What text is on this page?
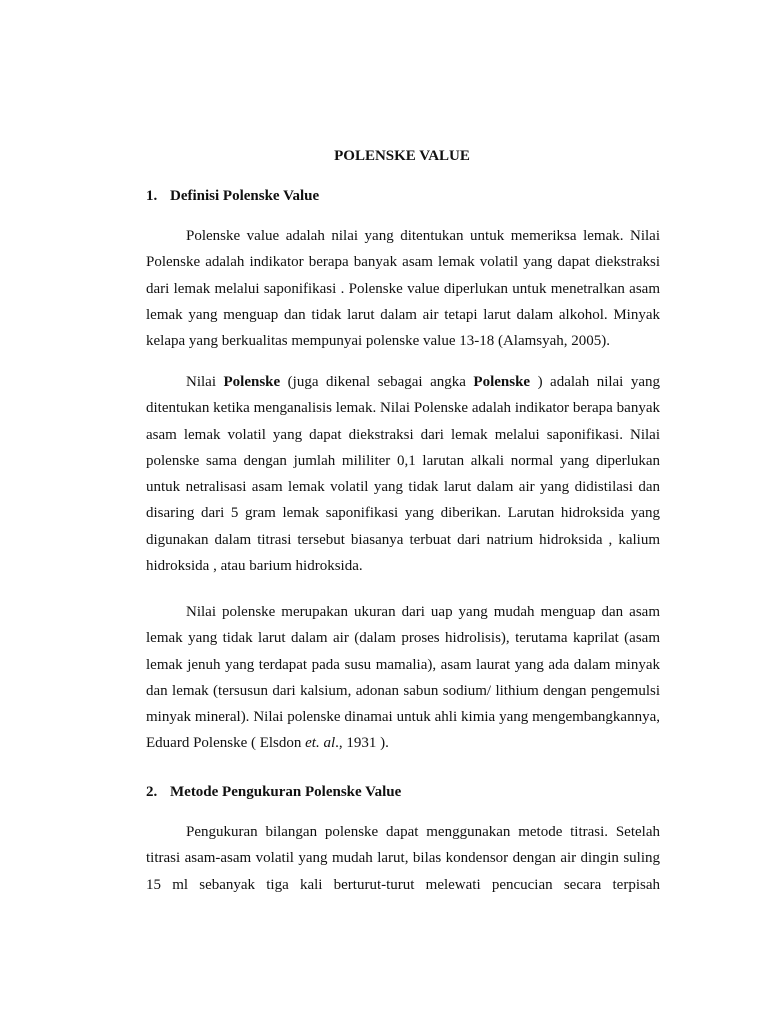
POLENSKE VALUE
1. Definisi Polenske Value

Polenske value adalah nilai yang ditentukan untuk memeriksa lemak. Nilai Polenske adalah indikator berapa banyak asam lemak volatil yang dapat diekstraksi dari lemak melalui saponifikasi . Polenske value diperlukan untuk menetralkan asam lemak yang menguap dan tidak larut dalam air tetapi larut dalam alkohol. Minyak kelapa yang berkualitas mempunyai polenske value 13-18 (Alamsyah, 2005).

Nilai Polenske (juga dikenal sebagai angka Polenske ) adalah nilai yang ditentukan ketika menganalisis lemak. Nilai Polenske adalah indikator berapa banyak asam lemak volatil yang dapat diekstraksi dari lemak melalui saponifikasi. Nilai polenske sama dengan jumlah mililiter 0,1 larutan alkali normal yang diperlukan untuk netralisasi asam lemak volatil yang tidak larut dalam air yang didistilasi dan disaring dari 5 gram lemak saponifikasi yang diberikan. Larutan hidroksida yang digunakan dalam titrasi tersebut biasanya terbuat dari natrium hidroksida , kalium hidroksida , atau barium hidroksida.

Nilai polenske merupakan ukuran dari uap yang mudah menguap dan asam lemak yang tidak larut dalam air (dalam proses hidrolisis), terutama kaprilat (asam lemak jenuh yang terdapat pada susu mamalia), asam laurat yang ada dalam minyak dan lemak (tersusun dari kalsium, adonan sabun sodium/ lithium dengan pengemulsi minyak mineral). Nilai polenske dinamai untuk ahli kimia yang mengembangkannya, Eduard Polenske ( Elsdon et. al., 1931 ).

2. Metode Pengukuran Polenske Value

Pengukuran bilangan polenske dapat menggunakan metode titrasi. Setelah titrasi asam-asam volatil yang mudah larut, bilas kondensor dengan air dingin suling 15 ml sebanyak tiga kali berturut-turut melewati pencucian secara terpisah
